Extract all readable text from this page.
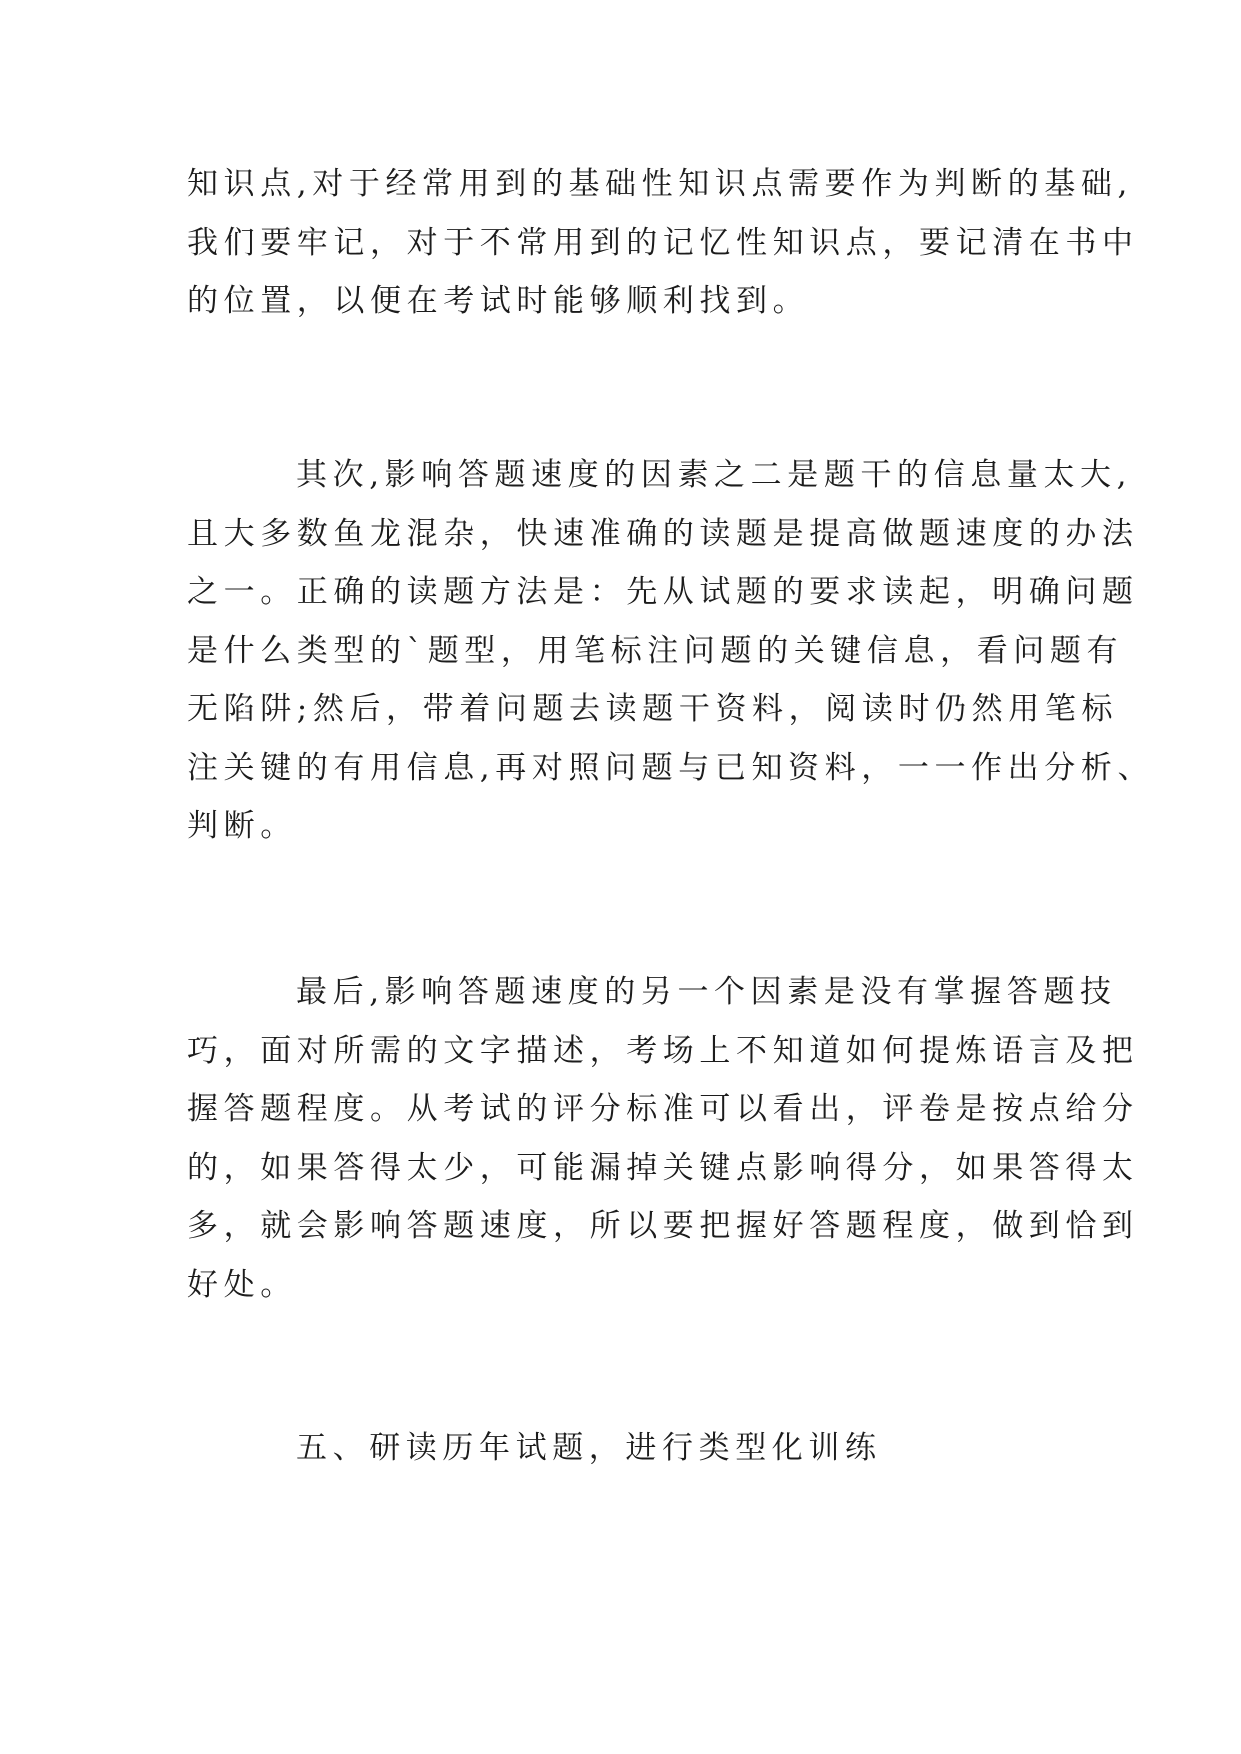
知识点,对于经常用到的基础性知识点需要作为判断的基础,
我们要牢记，对于不常用到的记忆性知识点，要记清在书中
的位置，以便在考试时能够顺利找到。
其次,影响答题速度的因素之二是题干的信息量太大,
且大多数鱼龙混杂，快速准确的读题是提高做题速度的办法
之一。正确的读题方法是：先从试题的要求读起，明确问题
是什么类型的`题型，用笔标注问题的关键信息，看问题有
无陷阱;然后，带着问题去读题干资料，阅读时仍然用笔标
注关键的有用信息,再对照问题与已知资料，一一作出分析、
判断。
最后,影响答题速度的另一个因素是没有掌握答题技
巧，面对所需的文字描述，考场上不知道如何提炼语言及把
握答题程度。从考试的评分标准可以看出，评卷是按点给分
的，如果答得太少，可能漏掉关键点影响得分，如果答得太
多，就会影响答题速度，所以要把握好答题程度，做到恰到
好处。
五、研读历年试题，进行类型化训练
